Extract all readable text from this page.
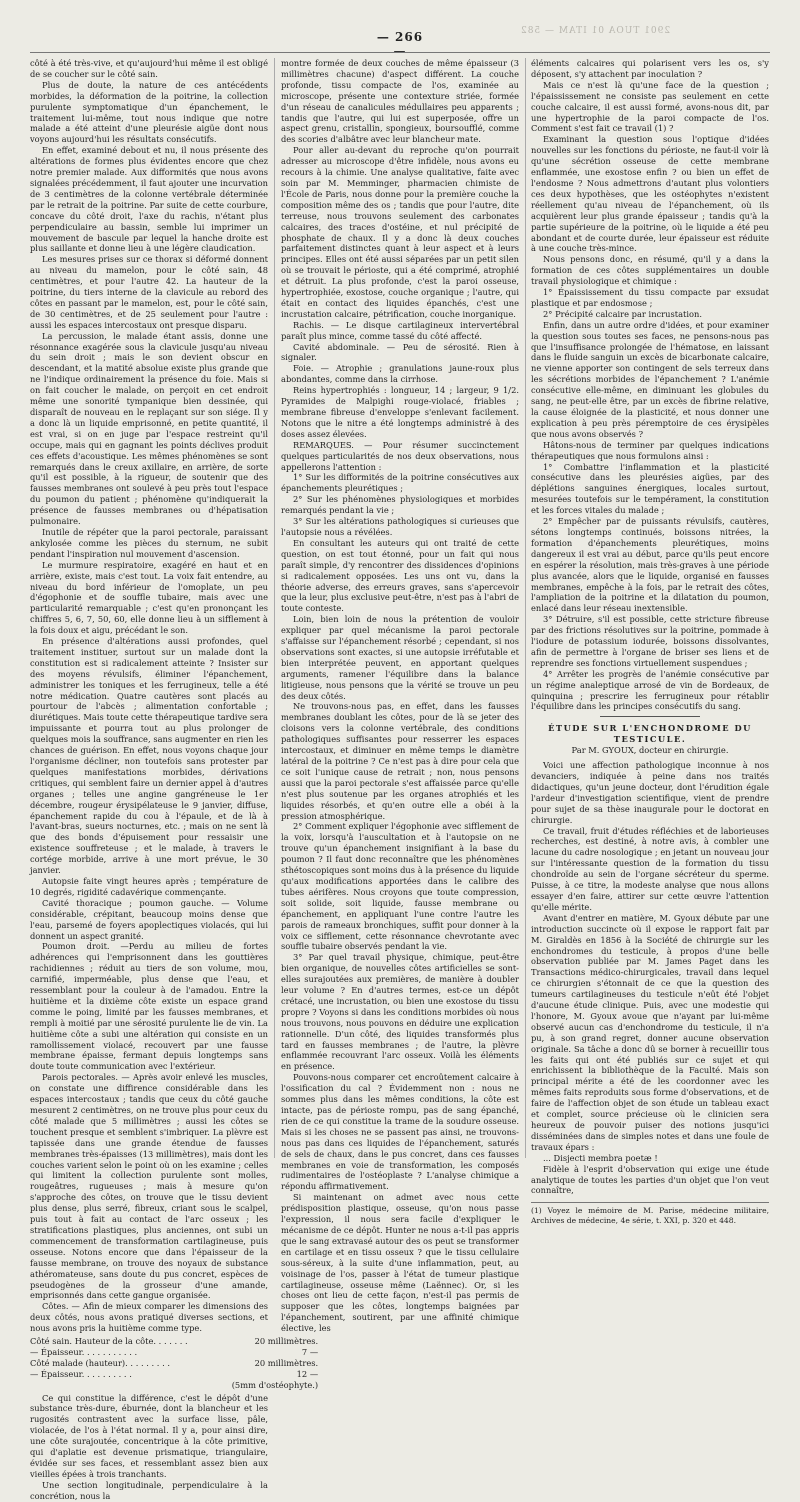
— 266 —
2901 TUOA 01 ITAM — 582

côté à été très-vive, et qu'aujourd'hui même il est obligé de se coucher sur le côté sain.

Plus de doute, la nature de ces antécédents morbides, la déformation de la poitrine, la collection purulente symptomatique d'un épanchement, le traitement lui-même, tout nous indique que notre malade a été atteint d'une pleurésie aigüe dont nous voyons aujourd'hui les résultats consécutifs.

En effet, examiné debout et nu, il nous présente des altérations de formes plus évidentes encore que chez notre premier malade. Aux difformités que nous avons signalées précédemment, il faut ajouter une incurvation de 3 centimètres de la colonne vertébrale déterminée par le retrait de la poitrine. Par suite de cette courbure, concave du côté droit, l'axe du rachis, n'étant plus perpendiculaire au bassin, semble lui imprimer un mouvement de bascule par lequel la hanche droite est plus saillante et donne lieu à une légère claudication.

Les mesures prises sur ce thorax si déformé donnent au niveau du mamelon, pour le côté sain, 48 centimètres, et pour l'autre 42. La hauteur de la poitrine, du tiers interne de la clavicule au rebord des côtes en passant par le mamelon, est, pour le côté sain, de 30 centimètres, et de 25 seulement pour l'autre : aussi les espaces intercostaux ont presque disparu.

La percussion, le malade étant assis, donne une résonnance exagérée sous la clavicule jusqu'au niveau du sein droit ; mais le son devient obscur en descendant, et la matité absolue existe plus grande que ne l'indique ordinairement la présence du foie. Mais si on fait coucher le malade, on perçoit en cet endroit même une sonorité tympanique bien dessinée, qui disparaît de nouveau en le replaçant sur son siége. Il y a donc là un liquide emprisonné, en petite quantité, il est vrai, si on en juge par l'espace restreint qu'il occupe, mais qui en gagnant les points déclives produit ces effets d'acoustique. Les mêmes phénomènes se sont remarqués dans le creux axillaire, en arrière, de sorte qu'il est possible, à la rigueur, de soutenir que des fausses membranes ont soulevé à peu près tout l'espace du poumon du patient ; phénomène qu'indiquerait la présence de fausses membranes ou d'hépatisation pulmonaire.

Inutile de répéter que la paroi pectorale, paraissant ankylosée comme les pièces du sternum, ne subit pendant l'inspiration nul mouvement d'ascension.

Le murmure respiratoire, exagéré en haut et en arrière, existe, mais c'est tout. La voix fait entendre, au niveau du bord inférieur de l'omoplate, un peu d'égophonie et de souffle tubaire, mais avec une particularité remarquable ; c'est qu'en prononçant les chiffres 5, 6, 7, 50, 60, elle donne lieu à un sifflement à la fois doux et aigu, précédant le son.

En présence d'altérations aussi profondes, quel traitement instituer, surtout sur un malade dont la constitution est si radicalement atteinte ? Insister sur des moyens révulsifs, éliminer l'épanchement, administrer les toniques et les ferrugineux, telle a été notre médication. Quatre cautères sont placés au pourtour de l'abcès ; alimentation confortable ; diurétiques. Mais toute cette thérapeutique tardive sera impuissante et pourra tout au plus prolonger de quelques mois la souffrance, sans augmenter en rien les chances de guérison. En effet, nous voyons chaque jour l'organisme décliner, non toutefois sans protester par quelques manifestations morbides, dérivations critiques, qui semblent faire un dernier appel à d'autres organes ; telles une angine gangréneuse le 1er décembre, rougeur érysipélateuse le 9 janvier, diffuse, épanchement rapide du cou à l'épaule, et de là à l'avant-bras, sueurs nocturnes, etc. ; mais on ne sent là que des bonds d'épuisement pour ressaisir une existence souffreteuse ; et le malade, à travers le cortége morbide, arrive à une mort prévue, le 30 janvier.

Autopsie faite vingt heures après ; température de 10 degrés, rigidité cadavérique commençante.

Cavité thoracique ; poumon gauche. — Volume considérable, crépitant, beaucoup moins dense que l'eau, parsemé de foyers apoplectiques violacés, qui lui donnent un aspect granité.

Poumon droit. —Perdu au milieu de fortes adhérences qui l'emprisonnent dans les gouttières rachidiennes ; réduit au tiers de son volume, mou, carnifié, imperméable, plus dense que l'eau, et ressemblant pour la couleur à de l'amadou. Entre la huitième et la dixième côte existe un espace grand comme le poing, limité par les fausses membranes, et rempli à moitié par une sérosité purulente lie de vin. La huitième côte a subi une altération qui consiste en un ramollissement violacé, recouvert par une fausse membrane épaisse, fermant depuis longtemps sans doute toute communication avec l'extérieur.

Parois pectorales. — Après avoir enlevé les muscles, on constate une diffirence considérable dans les espaces intercostaux ; tandis que ceux du côté gauche mesurent 2 centimètres, on ne trouve plus pour ceux du côté malade que 5 millimètres ; aussi les côtes se touchent presque et semblent s'imbriquer. La plèvre est tapissée dans une grande étendue de fausses membranes très-épaisses (13 millimètres), mais dont les couches varient selon le point où on les examine ; celles qui limitent la collection purulente sont molles, rougeâtres, rugueuses ; mais à mesure qu'on s'approche des côtes, on trouve que le tissu devient plus dense, plus serré, fibreux, criant sous le scalpel, puis tout à fait au contact de l'arc osseux ; les stratifications plastiques, plus anciennes, ont subi un commencement de transformation cartilagineuse, puis osseuse. Notons encore que dans l'épaisseur de la fausse membrane, on trouve des noyaux de substance athéromateuse, sans doute du pus concret, espèces de pseudogènes de la grosseur d'une amande, emprisonnés dans cette gangue organisée.

Côtes. — Afin de mieux comparer les dimensions des deux côtés, nous avons pratiqué diverses sections, et nous avons pris la huitième comme type.

Côté sain. Hauteur de la côte. . . . . . .	20 millimètres.
— Épaisseur. . . . . . . . . . .	7 —
Côté malade (hauteur). . . . . . . . .	20 millimètres.
— Épaisseur. . . . . . . . . .	12 —
	(5mm d'ostéophyte.)

Ce qui constitue la différence, c'est le dépôt d'une substance très-dure, éburnée, dont la blancheur et les rugosités contrastent avec la surface lisse, pâle, violacée, de l'os à l'état normal. Il y a, pour ainsi dire, une côte surajoutée, concentrique à la côte primitive, qui d'aplatie est devenue prismatique, triangulaire, évidée sur ses faces, et ressemblant assez bien aux vieilles épées à trois tranchants.

Une section longitudinale, perpendiculaire à la concrétion, nous la

montre formée de deux couches de même épaisseur (3 millimètres chacune) d'aspect différent. La couche profonde, tissu compacte de l'os, examinée au microscope, présente une contexture striée, formée d'un réseau de canalicules médullaires peu apparents ; tandis que l'autre, qui lui est superposée, offre un aspect grenu, cristallin, spongieux, boursoufflé, comme des scories d'albâtre avec leur blancheur mate.

Pour aller au-devant du reproche qu'on pourrait adresser au microscope d'être infidèle, nous avons eu recours à la chimie. Une analyse qualitative, faite avec soin par M. Memminger, pharmacien chimiste de l'École de Paris, nous donne pour la première couche la composition même des os ; tandis que pour l'autre, dite terreuse, nous trouvons seulement des carbonates calcaires, des traces d'ostéine, et nul précipité de phosphate de chaux. Il y a donc là deux couches parfaitement distinctes quant à leur aspect et à leurs principes. Elles ont été aussi séparées par un petit silen où se trouvait le périoste, qui a été comprimé, atrophié et détruit. La plus profonde, c'est la paroi osseuse, hypertrophiée, exostose, couche organique ; l'autre, qui était en contact des liquides épanchés, c'est une incrustation calcaire, pétrification, couche inorganique.

Rachis. — Le disque cartilagineux intervertébral paraît plus mince, comme tassé du côté affecté.

Cavité abdominale. — Peu de sérosité. Rien à signaler.

Foie. — Atrophie ; granulations jaune-roux plus abondantes, comme dans la cirrhose.

Reins hypertrophiés : longueur, 14 ; largeur, 9 1/2. Pyramides de Malpighi rouge-violacé, friables ; membrane fibreuse d'enveloppe s'enlevant facilement. Notons que le nitre a été longtemps administré à des doses assez élevées.

REMARQUES. — Pour résumer succinctement quelques particularités de nos deux observations, nous appellerons l'attention :

1° Sur les difformités de la poitrine consécutives aux épanchements pleurétiques ;

2° Sur les phénomènes physiologiques et morbides remarqués pendant la vie ;

3° Sur les altérations pathologiques si curieuses que l'autopsie nous a révélées.

En consultant les auteurs qui ont traité de cette question, on est tout étonné, pour un fait qui nous paraît simple, d'y rencontrer des dissidences d'opinions si radicalement opposées. Les uns ont vu, dans la théorie adverse, des erreurs graves, sans s'apercevoir que la leur, plus exclusive peut-être, n'est pas à l'abri de toute conteste.

Loin, bien loin de nous la prétention de vouloir expliquer par quel mécanisme la paroi pectorale s'affaisse sur l'épanchement résorbé ; cependant, si nos observations sont exactes, si une autopsie irréfutable et bien interprétée peuvent, en apportant quelques arguments, ramener l'équilibre dans la balance litigieuse, nous pensons que la vérité se trouve un peu des deux côtés.

Ne trouvons-nous pas, en effet, dans les fausses membranes doublant les côtes, pour de là se jeter des cloisons vers la colonne vertébrale, des conditions pathologiques suffisantes pour resserrer les espaces intercostaux, et diminuer en même temps le diamètre latéral de la poitrine ? Ce n'est pas à dire pour cela que ce soit l'unique cause de retrait ; non, nous pensons aussi que la paroi pectorale s'est affaissée parce qu'elle n'est plus soutenue par les organes atrophiés et les liquides résorbés, et qu'en outre elle a obéi à la pression atmosphérique.

2° Comment expliquer l'égophonie avec sifflement de la voix, lorsqu'à l'auscultation et à l'autopsie on ne trouve qu'un épanchement insignifiant à la base du poumon ? Il faut donc reconnaître que les phénomènes sthétoscopiques sont moins dus à la présence du liquide qu'aux modifications apportées dans le calibre des tubes aérifères. Nous croyons que toute compression, soit solide, soit liquide, fausse membrane ou épanchement, en appliquant l'une contre l'autre les parois de rameaux bronchiques, suffit pour donner à la voix ce sifflement, cette résonnance chevrotante avec souffle tubaire observés pendant la vie.

3° Par quel travail physique, chimique, peut-être bien organique, de nouvelles côtes artificielles se sont-elles surajoutées aux premières, de manière à doubler leur volume ? En d'autres termes, est-ce un dépôt crétacé, une incrustation, ou bien une exostose du tissu propre ? Voyons si dans les conditions morbides où nous nous trouvons, nous pouvons en déduire une explication rationnelle. D'un côté, des liquides transformés plus tard en fausses membranes ; de l'autre, la plèvre enflammée recouvrant l'arc osseux. Voilà les éléments en présence.

Pouvons-nous comparer cet encroûtement calcaire à l'ossification du cal ? Évidemment non : nous ne sommes plus dans les mêmes conditions, la côte est intacte, pas de périoste rompu, pas de sang épanché, rien de ce qui constitue la trame de la soudure osseuse. Mais si les choses ne se passent pas ainsi, ne trouvons-nous pas dans ces liquides de l'épanchement, saturés de sels de chaux, dans le pus concret, dans ces fausses membranes en voie de transformation, les composés rudimentaires de l'ostéoplaste ? L'analyse chimique a répondu affirmativement.

Si maintenant on admet avec nous cette prédisposition plastique, osseuse, qu'on nous passe l'expression, il nous sera facile d'expliquer le mécanisme de ce dépôt. Hunter ne nous a-t-il pas appris que le sang extravasé autour des os peut se transformer en cartilage et en tissu osseux ? que le tissu cellulaire sous-séreux, à la suite d'une inflammation, peut, au voisinage de l'os, passer à l'état de tumeur plastique cartilagineuse, osseuse même (Laënnec). Or, si les choses ont lieu de cette façon, n'est-il pas permis de supposer que les côtes, longtemps baignées par l'épanchement, soutirent, par une affinité chimique élective, les

éléments calcaires qui polarisent vers les os, s'y déposent, s'y attachent par inoculation ?

Mais ce n'est là qu'une face de la question ; l'épaississement ne consiste pas seulement en cette couche calcaire, il est aussi formé, avons-nous dit, par une hypertrophie de la paroi compacte de l'os. Comment s'est fait ce travail (1) ?

Examinant la question sous l'optique d'idées nouvelles sur les fonctions du périoste, ne faut-il voir là qu'une sécrétion osseuse de cette membrane enflammée, une exostose enfin ? ou bien un effet de l'endosme ? Nous admettrons d'autant plus volontiers ces deux hypothèses, que les ostéophytes n'existent réellement qu'au niveau de l'épanchement, où ils acquièrent leur plus grande épaisseur ; tandis qu'à la partie supérieure de la poitrine, où le liquide a été peu abondant et de courte durée, leur épaisseur est réduite à une couche très-mince.

Nous pensons donc, en résumé, qu'il y a dans la formation de ces côtes supplémentaires un double travail physiologique et chimique :

1° Épaississement du tissu compacte par exsudat plastique et par endosmose ;

2° Précipité calcaire par incrustation.

Enfin, dans un autre ordre d'idées, et pour examiner la question sous toutes ses faces, ne pensons-nous pas que l'insuffisance prolongée de l'hématose, en laissant dans le fluide sanguin un excès de bicarbonate calcaire, ne vienne apporter son contingent de sels terreux dans les sécrétions morbides de l'épanchement ? L'anémie consécutive elle-même, en diminuant les globules du sang, ne peut-elle être, par un excès de fibrine relative, la cause éloignée de la plasticité, et nous donner une explication à peu près péremptoire de ces érysipèles que nous avons observés ?

Hâtons-nous de terminer par quelques indications thérapeutiques que nous formulons ainsi :

1° Combattre l'inflammation et la plasticité consécutive dans les pleurésies aigües, par des déplétions sanguines énergiques, locales surtout, mesurées toutefois sur le tempérament, la constitution et les forces vitales du malade ;

2° Empêcher par de puissants révulsifs, cautères, sétons longtemps continués, boissons nitrées, la formation d'épanchements pleurétiques, moins dangereux il est vrai au début, parce qu'ils peut encore en espérer la résolution, mais très-graves à une période plus avancée, alors que le liquide, organisé en fausses membranes, empêche à la fois, par le retrait des côtes, l'ampliation de la poitrine et la dilatation du poumon, enlacé dans leur réseau inextensible.

3° Détruire, s'il est possible, cette stricture fibreuse par des frictions résolutives sur la poitrine, pommade à l'iodure de potassium iodurée, boissons dissolvantes, afin de permettre à l'organe de briser ses liens et de reprendre ses fonctions virtuellement suspendues ;

4° Arrêter les progrès de l'anémie consécutive par un régime analeptique arrosé de vin de Bordeaux, de quinquina ; prescrire les ferrugineux pour rétablir l'équilibre dans les principes consécutifs du sang.

ÉTUDE SUR L'ENCHONDROME DU TESTICULE.
Par M. GYOUX, docteur en chirurgie.

Voici une affection pathologique inconnue à nos devanciers, indiquée à peine dans nos traités didactiques, qu'un jeune docteur, dont l'érudition égale l'ardeur d'investigation scientifique, vient de prendre pour sujet de sa thèse inaugurale pour le doctorat en chirurgie.

Ce travail, fruit d'études réfléchies et de laborieuses recherches, est destiné, à notre avis, à combler une lacune du cadre nosologique ; en jetant un nouveau jour sur l'intéressante question de la formation du tissu chondroïde au sein de l'organe sécréteur du sperme. Puisse, à ce titre, la modeste analyse que nous allons essayer d'en faire, attirer sur cette œuvre l'attention qu'elle mérite.

Avant d'entrer en matière, M. Gyoux débute par une introduction succincte où il expose le rapport fait par M. Giraldès en 1856 à la Société de chirurgie sur les enchondromes du testicule, à propos d'une belle observation publiée par M. James Paget dans les Transactions médico-chirurgicales, travail dans lequel ce chirurgien s'étonnait de ce que la question des tumeurs cartilagineuses du testicule n'eût été l'objet d'aucune étude clinique. Puis, avec une modestie qui l'honore, M. Gyoux avoue que n'ayant par lui-même observé aucun cas d'enchondrome du testicule, il n'a pu, à son grand regret, donner aucune observation originale. Sa tâche a donc dû se borner à recueillir tous les faits qui ont été publiés sur ce sujet et qui enrichissent la bibliothèque de la Faculté. Mais son principal mérite a été de les coordonner avec les mêmes faits reproduits sous forme d'observations, et de faire de l'affection objet de son étude un tableau exact et complet, source précieuse où le clinicien sera heureux de pouvoir puiser des notions jusqu'ici disséminées dans de simples notes et dans une foule de travaux épars :

... Disjecti membra poetæ !

Fidèle à l'esprit d'observation qui exige une étude analytique de toutes les parties d'un objet que l'on veut connaître,

(1) Voyez le mémoire de M. Parise, médecine militaire, Archives de médecine, 4e série, t. XXI, p. 320 et 448.
